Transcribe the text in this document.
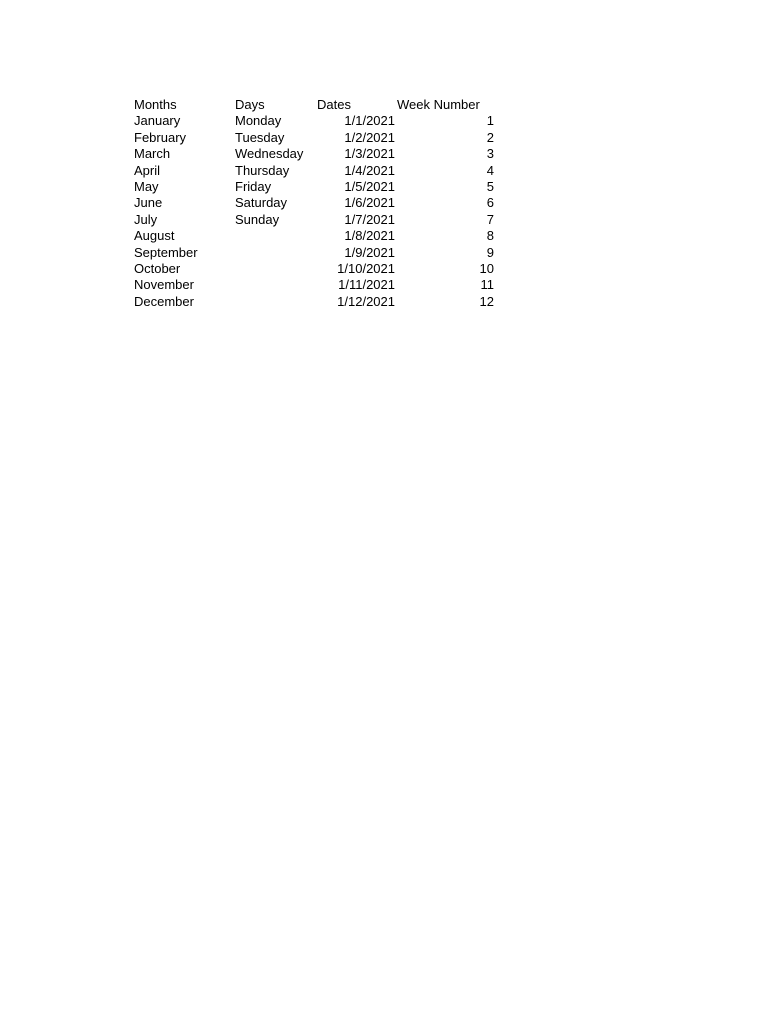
Months	Days	Dates	Week Number
January	Monday	1/1/2021	1
February	Tuesday	1/2/2021	2
March	Wednesday	1/3/2021	3
April	Thursday	1/4/2021	4
May	Friday	1/5/2021	5
June	Saturday	1/6/2021	6
July	Sunday	1/7/2021	7
August		1/8/2021	8
September		1/9/2021	9
October		1/10/2021	10
November		1/11/2021	11
December		1/12/2021	12
